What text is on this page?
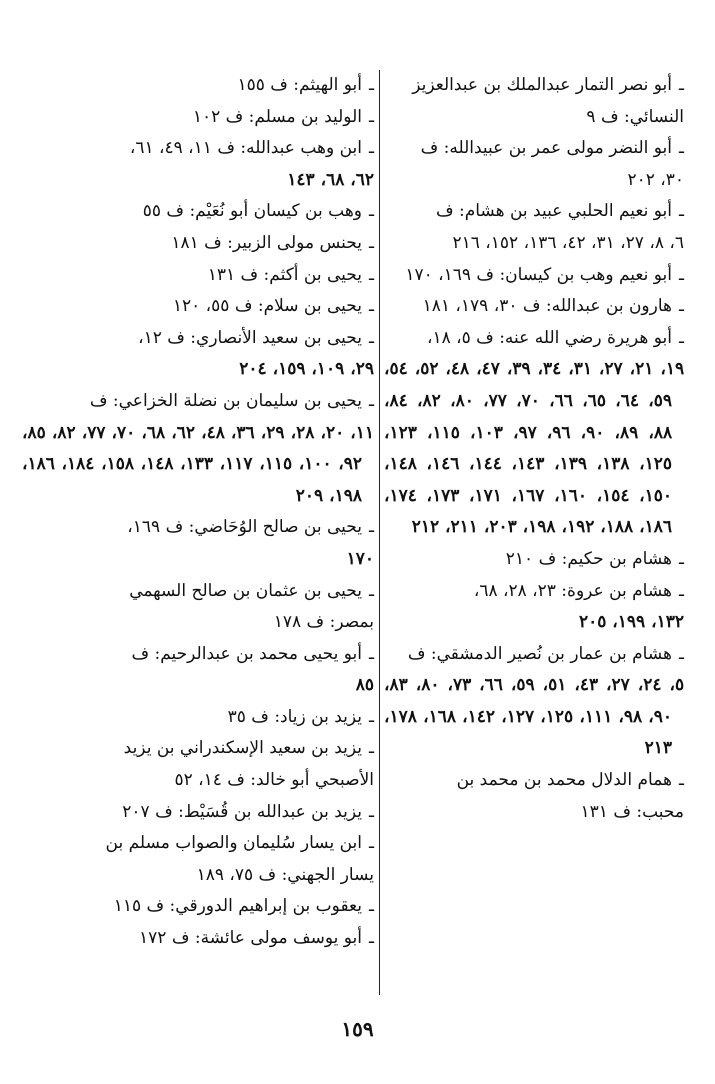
ـأبو نصر التمار عبدالملك بن عبدالعزيز
النسائي: ف ٩
ـأبو النضر مولى عمر بن عبيدالله: ف
٣٠، ٢٠٢
ـأبو نعيم الحلبي عبيد بن هشام: ف
٦، ٨، ٢٧، ٣١، ٤٢، ١٣٦، ١٥٢، ٢١٦
ـأبو نعيم وهب بن كيسان: ف ١٦٩، ١٧٠
ـهارون بن عبدالله: ف ٣٠، ١٧٩، ١٨١
ـأبو هريرة رضي الله عنه: ف ٥، ١٨،
١٩، ٢١، ٢٧، ٣١، ٣٤، ٣٩، ٤٧، ٤٨، ٥٢، ٥٤، ٥٩، ٦٤، ٦٥، ٦٦، ٧٠، ٧٧، ٨٠، ٨٢، ٨٤، ٨٨، ٨٩، ٩٠، ٩٦، ٩٧، ١٠٣، ١١٥، ١٢٣، ١٢٥، ١٣٨، ١٣٩، ١٤٣، ١٤٤، ١٤٦، ١٤٨، ١٥٠، ١٥٤، ١٦٠، ١٦٧، ١٧١، ١٧٣، ١٧٤، ١٨٦، ١٨٨، ١٩٢، ١٩٨، ٢٠٣، ٢١١، ٢١٢
ـهشام بن حكيم: ف ٢١٠
ـهشام بن عروة: ٢٣، ٢٨، ٦٨،
١٣٢، ١٩٩، ٢٠٥
ـهشام بن عمار بن نُصير الدمشقي: ف
٥، ٢٤، ٢٧، ٤٣، ٥١، ٥٩، ٦٦، ٧٣، ٨٠، ٨٣، ٩٠، ٩٨، ١١١، ١٢٥، ١٢٧، ١٤٢، ١٦٨، ١٧٨، ٢١٣
ـهمام الدلال محمد بن محمد بن
محبب: ف ١٣١
ـأبو الهيثم: ف ١٥٥
ـالوليد بن مسلم: ف ١٠٢
ـابن وهب عبدالله: ف ١١، ٤٩، ٦١،
٦٢، ٦٨، ١٤٣
ـوهب بن كيسان أبو نُعَيْم: ف ٥٥
ـيحنس مولى الزبير: ف ١٨١
ـيحيى بن أكثم: ف ١٣١
ـيحيى بن سلام: ف ٥٥، ١٢٠
ـيحيى بن سعيد الأنصاري: ف ١٢،
٢٩، ١٠٩، ١٥٩، ٢٠٤
ـيحيى بن سليمان بن نضلة الخزاعي: ف
١١، ٢٠، ٢٨، ٢٩، ٣٦، ٤٨، ٦٢، ٦٨، ٧٠، ٧٧، ٨٢، ٨٥، ٩٢، ١٠٠، ١١٥، ١١٧، ١٣٣، ١٤٨، ١٥٨، ١٨٤، ١٨٦، ١٩٨، ٢٠٩
ـيحيى بن صالح الوُحَاضي: ف ١٦٩،
١٧٠
ـيحيى بن عثمان بن صالح السهمي
بمصر: ف ١٧٨
ـأبو يحيى محمد بن عبدالرحيم: ف
٨٥
ـيزيد بن زياد: ف ٣٥
ـيزيد بن سعيد الإسكندراني بن يزيد
الأصبحي أبو خالد: ف ١٤، ٥٢
ـيزيد بن عبدالله بن قُسَيْط: ف ٢٠٧
ـابن يسار سُليمان والصواب مسلم بن
يسار الجهني: ف ٧٥، ١٨٩
ـيعقوب بن إبراهيم الدورقي: ف ١١٥
ـأبو يوسف مولى عائشة: ف ١٧٢
١٥٩
